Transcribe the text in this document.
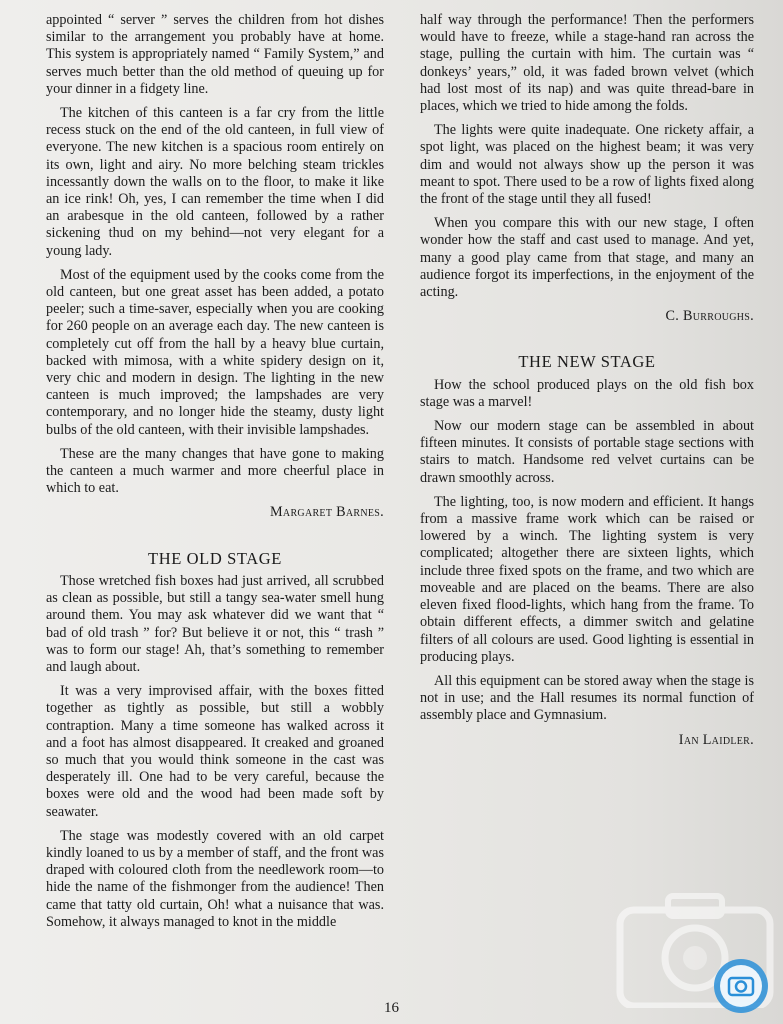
appointed “ server ” serves the children from hot dishes similar to the arrangement you probably have at home. This system is appropriately named “ Family System,” and serves much better than the old method of queuing up for your dinner in a fidgety line.

The kitchen of this canteen is a far cry from the little recess stuck on the end of the old canteen, in full view of everyone. The new kitchen is a spacious room entirely on its own, light and airy. No more belching steam trickles incessantly down the walls on to the floor, to make it like an ice rink! Oh, yes, I can remember the time when I did an arabesque in the old canteen, followed by a rather sickening thud on my behind—not very elegant for a young lady.

Most of the equipment used by the cooks come from the old canteen, but one great asset has been added, a potato peeler; such a time-saver, especially when you are cooking for 260 people on an average each day. The new canteen is completely cut off from the hall by a heavy blue curtain, backed with mimosa, with a white spidery design on it, very chic and modern in design. The lighting in the new canteen is much improved; the lampshades are very contemporary, and no longer hide the steamy, dusty light bulbs of the old canteen, with their invisible lampshades.

These are the many changes that have gone to making the canteen a much warmer and more cheerful place in which to eat.

Margaret Barnes.
THE OLD STAGE

Those wretched fish boxes had just arrived, all scrubbed as clean as possible, but still a tangy sea-water smell hung around them. You may ask whatever did we want that “ bad of old trash ” for? But believe it or not, this “ trash ” was to form our stage! Ah, that’s something to remember and laugh about.

It was a very improvised affair, with the boxes fitted together as tightly as possible, but still a wobbly contraption. Many a time someone has walked across it and a foot has almost disappeared. It creaked and groaned so much that you would think someone in the cast was desperately ill. One had to be very careful, because the boxes were old and the wood had been made soft by seawater.

The stage was modestly covered with an old carpet kindly loaned to us by a member of staff, and the front was draped with coloured cloth from the needlework room—to hide the name of the fishmonger from the audience! Then came that tatty old curtain, Oh! what a nuisance that was. Somehow, it always managed to knot in the middle

half way through the performance! Then the performers would have to freeze, while a stage-hand ran across the stage, pulling the curtain with him. The curtain was “ donkeys’ years,” old, it was faded brown velvet (which had lost most of its nap) and was quite thread-bare in places, which we tried to hide among the folds.

The lights were quite inadequate. One rickety affair, a spot light, was placed on the highest beam; it was very dim and would not always show up the person it was meant to spot. There used to be a row of lights fixed along the front of the stage until they all fused!

When you compare this with our new stage, I often wonder how the staff and cast used to manage. And yet, many a good play came from that stage, and many an audience forgot its imperfections, in the enjoyment of the acting.

C. Burroughs.
THE NEW STAGE

How the school produced plays on the old fish box stage was a marvel!

Now our modern stage can be assembled in about fifteen minutes. It consists of portable stage sections with stairs to match. Handsome red velvet curtains can be drawn smoothly across.

The lighting, too, is now modern and efficient. It hangs from a massive frame work which can be raised or lowered by a winch. The lighting system is very complicated; altogether there are sixteen lights, which include three fixed spots on the frame, and two which are moveable and are placed on the beams. There are also eleven fixed flood-lights, which hang from the frame. To obtain different effects, a dimmer switch and gelatine filters of all colours are used. Good lighting is essential in producing plays.

All this equipment can be stored away when the stage is not in use; and the Hall resumes its normal function of assembly place and Gymnasium.

Ian Laidler.
16
